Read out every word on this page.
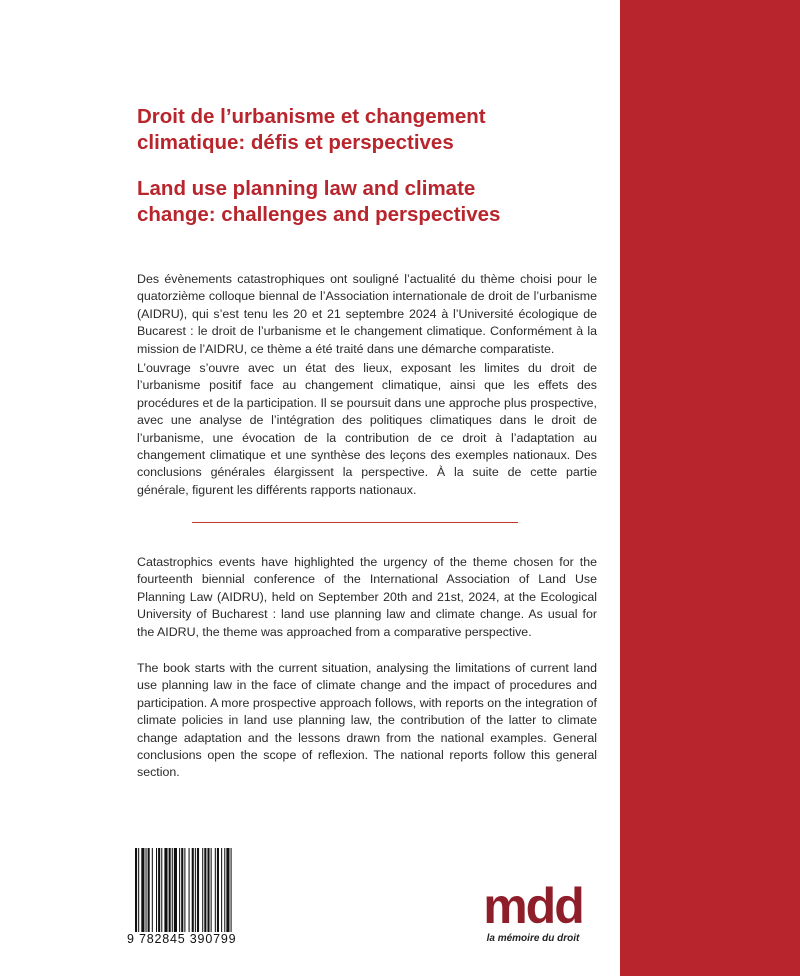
Droit de l’urbanisme et changement
climatique: défis et perspectives
Land use planning law and climate
change: challenges and perspectives

Des évènements catastrophiques ont souligné l’actualité du thème choisi pour le quatorzième colloque biennal de l’Association internationale de droit de l’urbanisme (AIDRU), qui s’est tenu les 20 et 21 septembre 2024 à l’Université écologique de Bucarest : le droit de l’urbanisme et le changement climatique. Conformément à la mission de l’AIDRU, ce thème a été traité dans une démarche comparatiste.

L’ouvrage s’ouvre avec un état des lieux, exposant les limites du droit de l’urbanisme positif face au changement climatique, ainsi que les effets des procédures et de la participation. Il se poursuit dans une approche plus prospective, avec une analyse de l’intégration des politiques climatiques dans le droit de l’urbanisme, une évocation de la contribution de ce droit à l’adaptation au changement climatique et une synthèse des leçons des exemples nationaux. Des conclusions générales élargissent la perspective. À la suite de cette partie générale, figurent les différents rapports nationaux.

Catastrophics events have highlighted the urgency of the theme chosen for the fourteenth biennial conference of the International Association of Land Use Planning Law (AIDRU), held on September 20th and 21st, 2024, at the Ecological University of Bucharest : land use planning law and climate change. As usual for the AIDRU, the theme was approached from a comparative perspective.

The book starts with the current situation, analysing the limitations of current land use planning law in the face of climate change and the impact of procedures and participation. A more prospective approach follows, with reports on the integration of climate policies in land use planning law, the contribution of the latter to climate change adaptation and the lessons drawn from the national examples. General conclusions open the scope of reflexion. The national reports follow this general section.

9 782845 390799
mdd
la mémoire du droit
